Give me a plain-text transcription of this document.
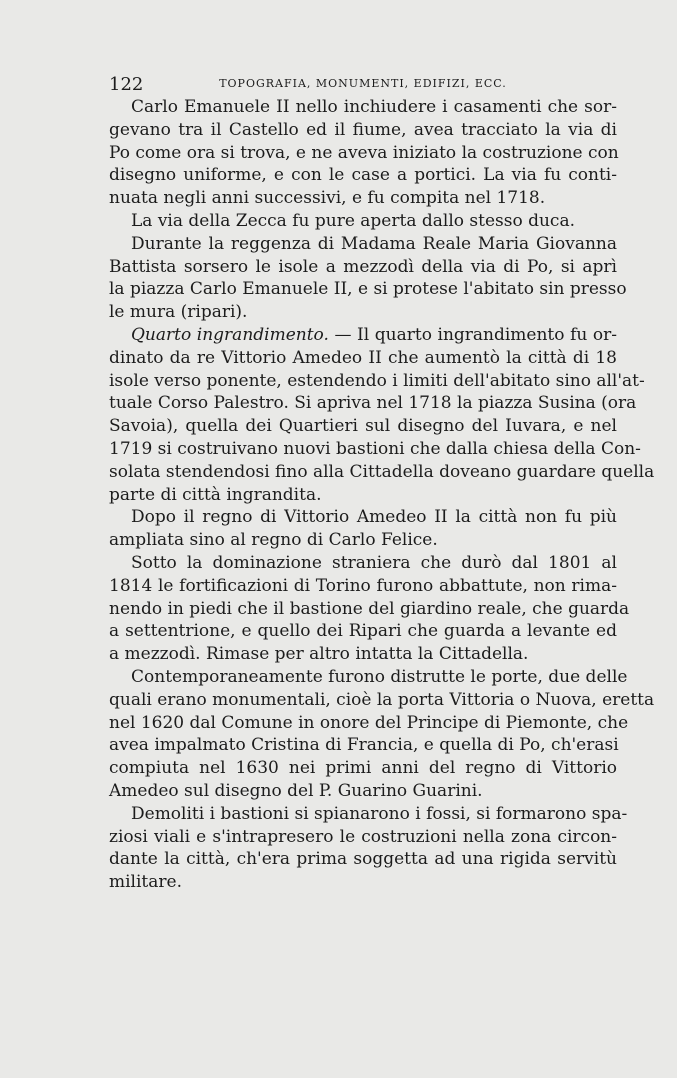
122	TOPOGRAFIA, MONUMENTI, EDIFIZI, ECC.
Carlo Emanuele II nello inchiudere i casamenti che sor-
gevano tra il Castello ed il fiume, avea tracciato la via di
Po come ora si trova, e ne aveva iniziato la costruzione con
disegno uniforme, e con le case a portici. La via fu conti-
nuata negli anni successivi, e fu compita nel 1718.
La via della Zecca fu pure aperta dallo stesso duca.
Durante la reggenza di Madama Reale Maria Giovanna
Battista sorsero le isole a mezzodì della via di Po, si aprì
la piazza Carlo Emanuele II, e si protese l'abitato sin presso
le mura (ripari).
Quarto ingrandimento. — Il quarto ingrandimento fu or-
dinato da re Vittorio Amedeo II che aumentò la città di 18
isole verso ponente, estendendo i limiti dell'abitato sino all'at-
tuale Corso Palestro. Si apriva nel 1718 la piazza Susina (ora
Savoia), quella dei Quartieri sul disegno del Iuvara, e nel
1719 si costruivano nuovi bastioni che dalla chiesa della Con-
solata stendendosi fino alla Cittadella doveano guardare quella
parte di città ingrandita.
Dopo il regno di Vittorio Amedeo II la città non fu più
ampliata sino al regno di Carlo Felice.
Sotto la dominazione straniera che durò dal 1801 al
1814 le fortificazioni di Torino furono abbattute, non rima-
nendo in piedi che il bastione del giardino reale, che guarda
a settentrione, e quello dei Ripari che guarda a levante ed
a mezzodì. Rimase per altro intatta la Cittadella.
Contemporaneamente furono distrutte le porte, due delle
quali erano monumentali, cioè la porta Vittoria o Nuova, eretta
nel 1620 dal Comune in onore del Principe di Piemonte, che
avea impalmato Cristina di Francia, e quella di Po, ch'erasi
compiuta nel 1630 nei primi anni del regno di Vittorio
Amedeo sul disegno del P. Guarino Guarini.
Demoliti i bastioni si spianarono i fossi, si formarono spa-
ziosi viali e s'intrapresero le costruzioni nella zona circon-
dante la città, ch'era prima soggetta ad una rigida servitù
militare.
